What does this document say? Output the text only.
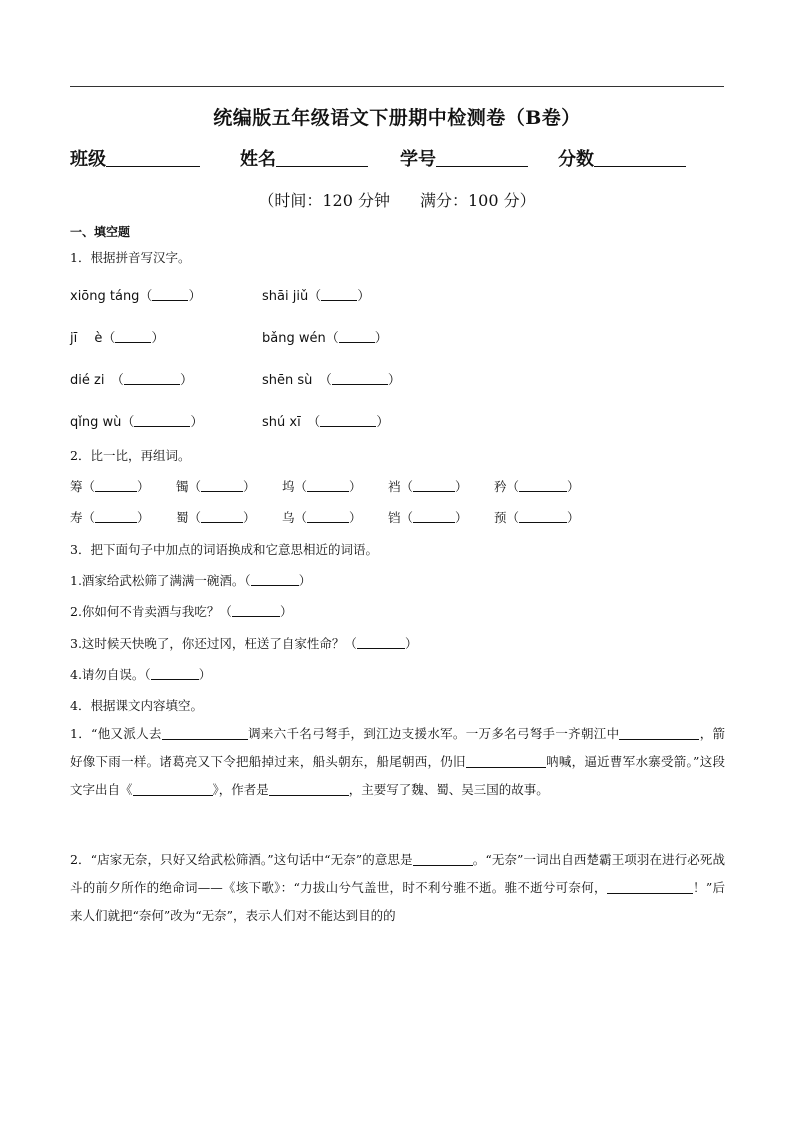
统编版五年级语文下册期中检测卷（B卷）
班级	姓名	学号	分数
（时间：120 分钟 满分：100 分）
一、填空题
1．根据拼音写汉字。
xiōng táng（	）	shāi jiǔ（	）
jī　 è（	）	bǎng wén（	）
dié zi　（	）	shēn sù　（	）
qǐng wù（	）	shú xī　（	）
2．比一比，再组词。
筹（	） 镯（	） 坞（	） 裆（	） 矜（	）
寿（	） 蜀（	） 乌（	） 铛（	） 预（	）
3．把下面句子中加点的词语换成和它意思相近的词语。
1.酒家给武松筛了满满一碗酒。（	）
2.你如何不肯卖酒与我吃？（	）
3.这时候天快晚了，你还过冈，枉送了自家性命？（	）
4.请勿自误。（	）
4．根据课文内容填空。
1．“他又派人去	调来六千名弓弩手，到江边支援水军。一万多名弓弩手一齐朝江中	，箭好像下雨一样。诸葛亮又下令把船掉过来，船头朝东，船尾朝西，仍旧	呐喊，逼近曹军水寨受箭。”这段文字出自《	》，作者是	，主要写了魏、蜀、吴三国的故事。
2．“店家无奈，只好又给武松筛酒。”这句话中“无奈”的意思是	。“无奈”一词出自西楚霸王项羽在进行必死战斗的前夕所作的绝命词——《垓下歌》：“力拔山兮气盖世，时不利兮骓不逝。骓不逝兮可奈何，	！”后来人们就把“奈何”改为“无奈”，表示人们对不能达到目的的
